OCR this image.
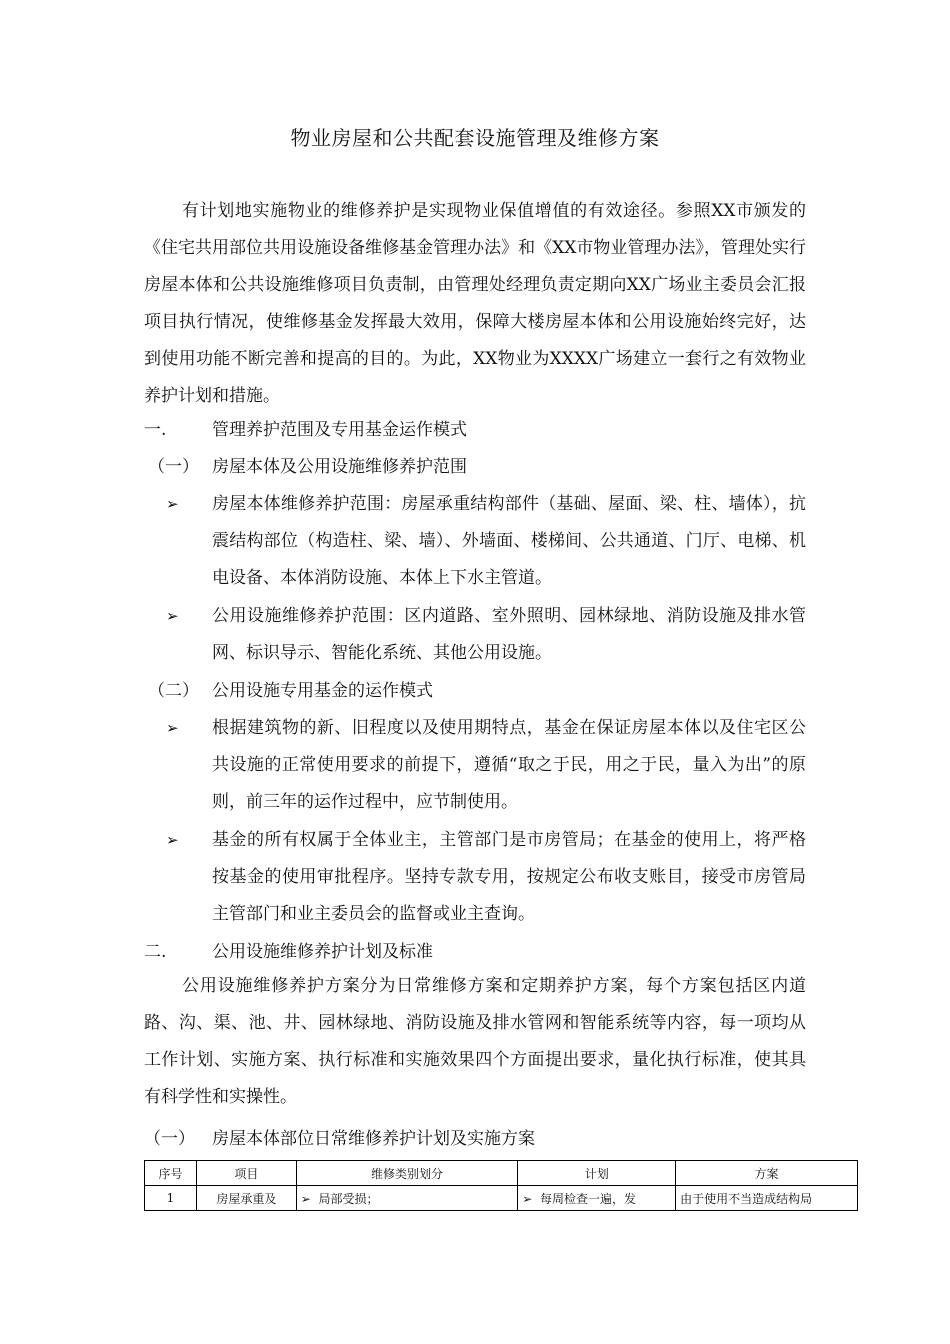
物业房屋和公共配套设施管理及维修方案

有计划地实施物业的维修养护是实现物业保值增值的有效途径。参照XX市颁发的《住宅共用部位共用设施设备维修基金管理办法》和《XX市物业管理办法》，管理处实行房屋本体和公共设施维修项目负责制，由管理处经理负责定期向XX广场业主委员会汇报项目执行情况，使维修基金发挥最大效用，保障大楼房屋本体和公用设施始终完好，达到使用功能不断完善和提高的目的。为此，XX物业为XXXX广场建立一套行之有效物业养护计划和措施。

一.	管理养护范围及专用基金运作模式
（一） 房屋本体及公用设施维修养护范围
➢ 房屋本体维修养护范围：房屋承重结构部件（基础、屋面、梁、柱、墙体），抗震结构部位（构造柱、梁、墙）、外墙面、楼梯间、公共通道、门厅、电梯、机电设备、本体消防设施、本体上下水主管道。
➢ 公用设施维修养护范围：区内道路、室外照明、园林绿地、消防设施及排水管网、标识导示、智能化系统、其他公用设施。
（二） 公用设施专用基金的运作模式
➢ 根据建筑物的新、旧程度以及使用期特点，基金在保证房屋本体以及住宅区公共设施的正常使用要求的前提下，遵循“取之于民，用之于民，量入为出”的原则，前三年的运作过程中，应节制使用。
➢ 基金的所有权属于全体业主，主管部门是市房管局；在基金的使用上，将严格按基金的使用审批程序。坚持专款专用，按规定公布收支账目，接受市房管局主管部门和业主委员会的监督或业主查询。
二.	公用设施维修养护计划及标准

公用设施维修养护方案分为日常维修方案和定期养护方案，每个方案包括区内道路、沟、渠、池、井、园林绿地、消防设施及排水管网和智能系统等内容，每一项均从工作计划、实施方案、执行标准和实施效果四个方面提出要求，量化执行标准，使其具有科学性和实操性。

（一） 房屋本体部位日常维修养护计划及实施方案
序号	项目	维修类别划分	计划	方案
1	房屋承重及	➢ 局部受损；	➢ 每周检查一遍，发	由于使用不当造成结构局
